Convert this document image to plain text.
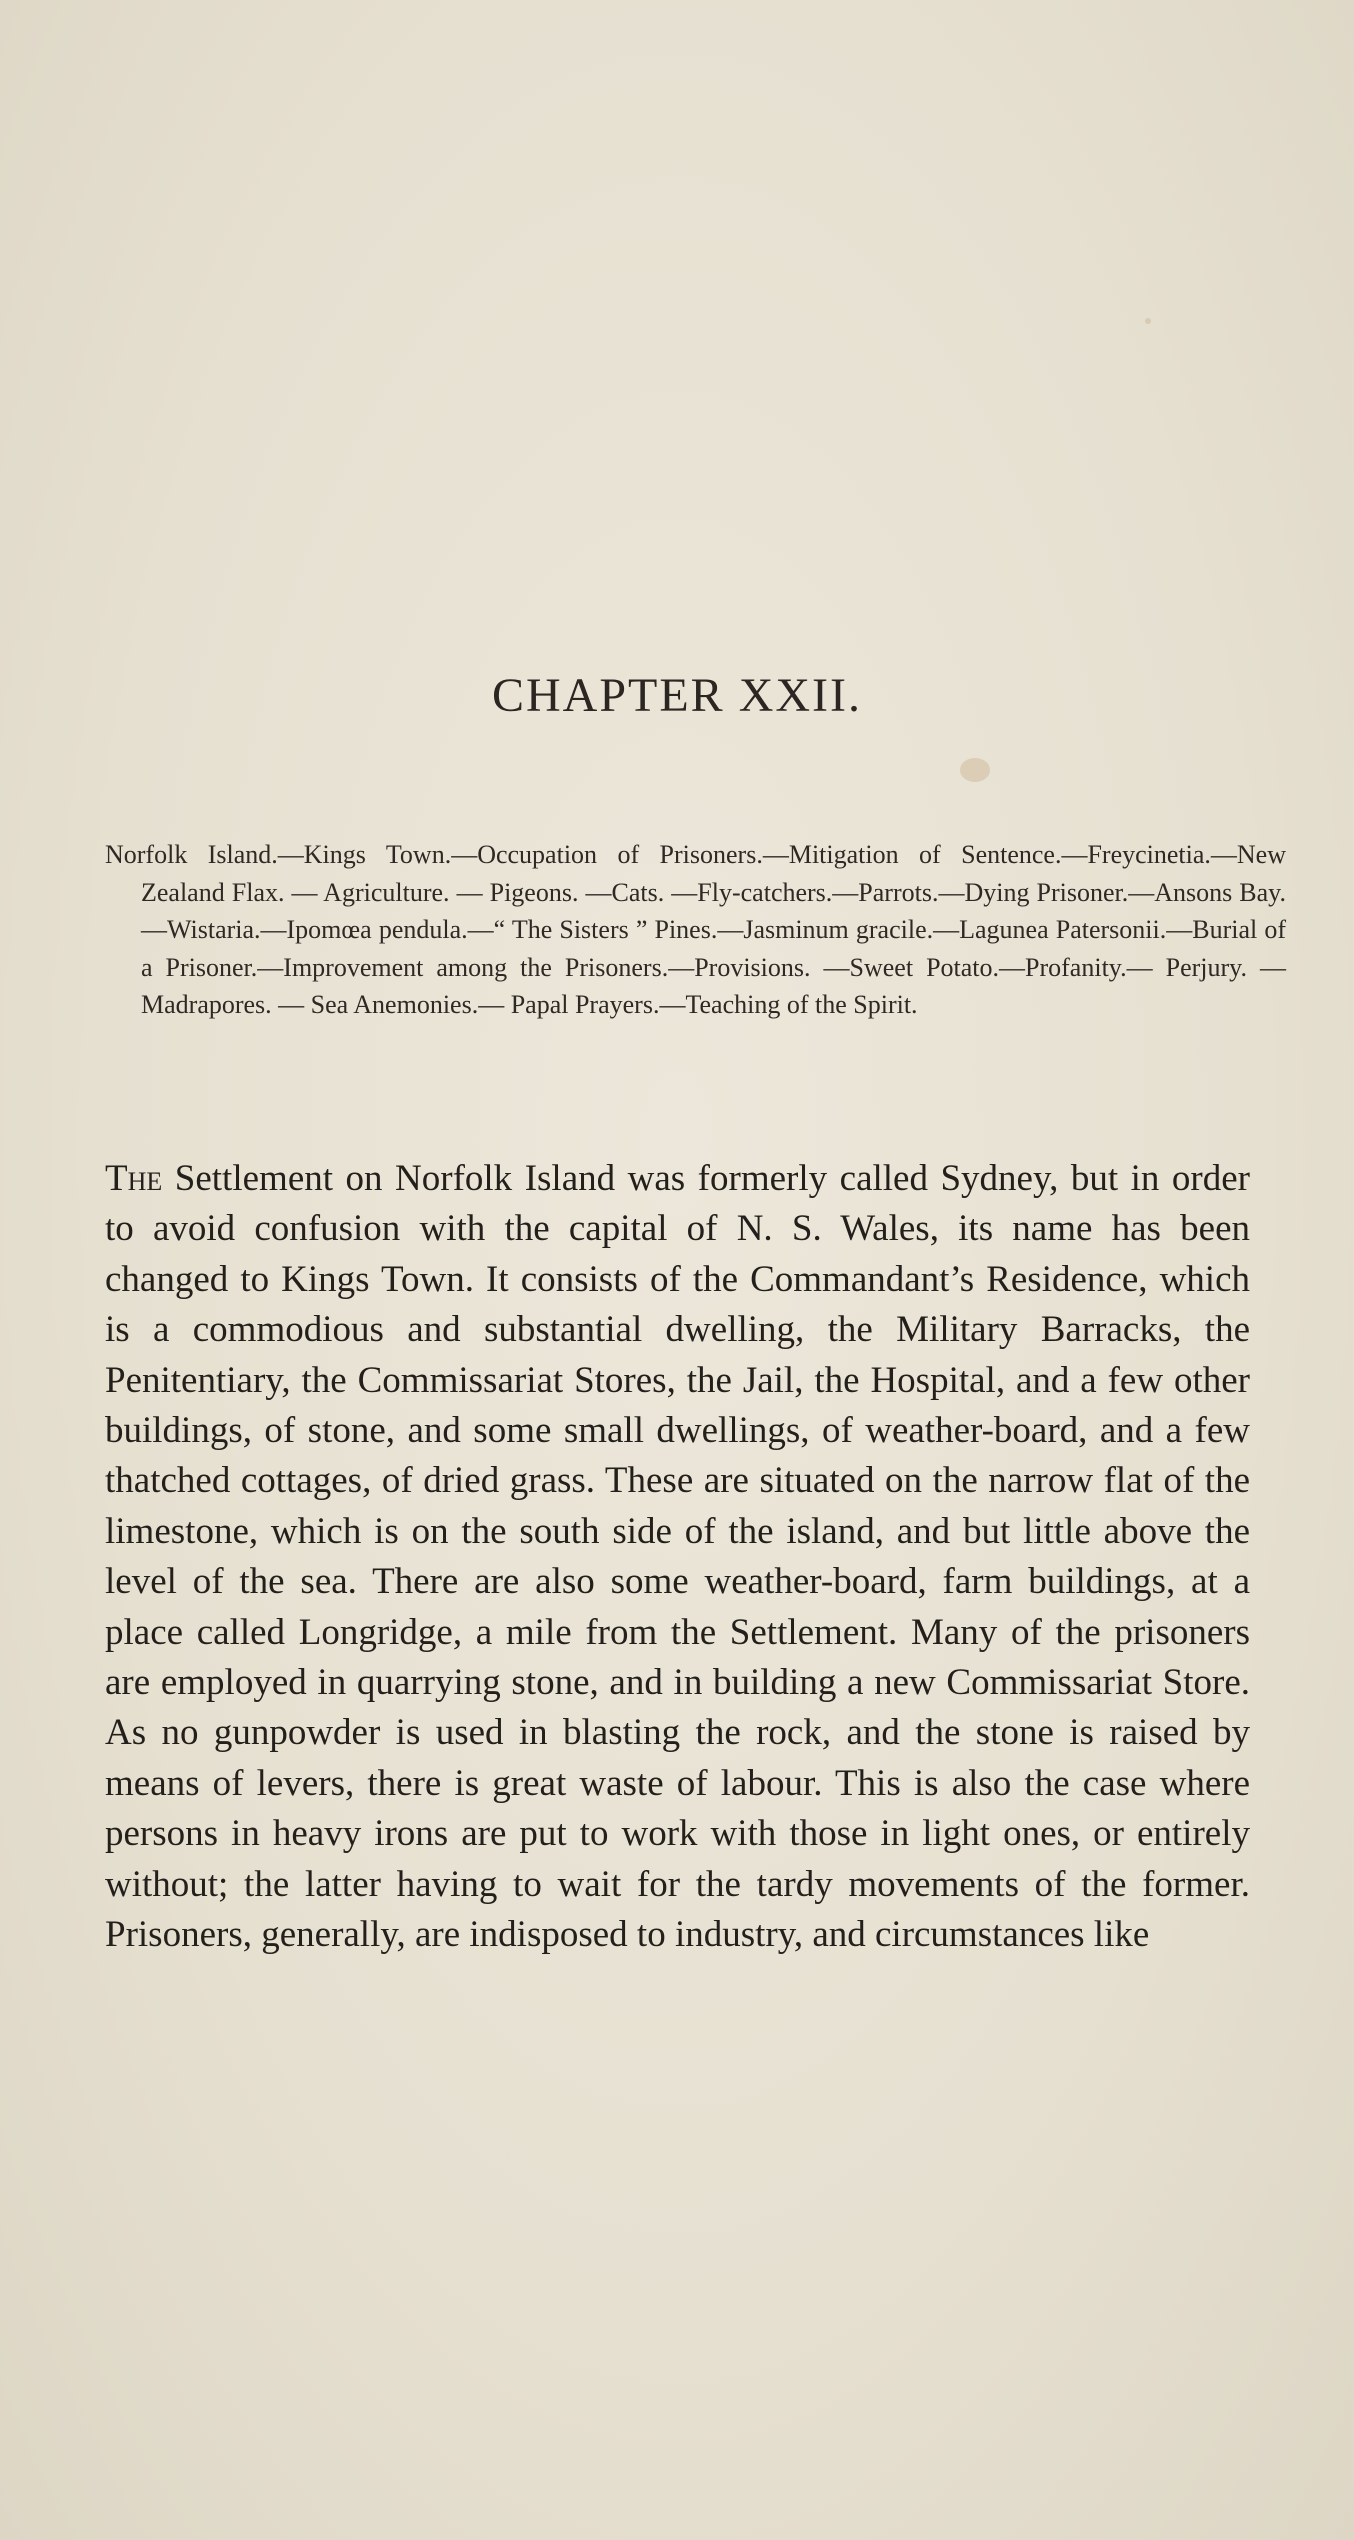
CHAPTER XXII.

Norfolk Island.—Kings Town.—Occupation of Prisoners.—Mitigation of Sentence.—Freycinetia.—New Zealand Flax. — Agriculture. — Pigeons. —Cats. —Fly-catchers.—Parrots.—Dying Prisoner.—Ansons Bay.—Wistaria.—Ipomœa pendula.—“ The Sisters ” Pines.—Jasminum gracile.—Lagunea Patersonii.—Burial of a Prisoner.—Improvement among the Prisoners.—Provisions. —Sweet Potato.—Profanity.— Perjury. — Madrapores. — Sea Anemonies.— Papal Prayers.—Teaching of the Spirit.

The Settlement on Norfolk Island was formerly called Sydney, but in order to avoid confusion with the capital of N. S. Wales, its name has been changed to Kings Town. It consists of the Commandant’s Residence, which is a commodious and substantial dwelling, the Military Barracks, the Penitentiary, the Commissariat Stores, the Jail, the Hospital, and a few other buildings, of stone, and some small dwellings, of weather-board, and a few thatched cottages, of dried grass. These are situated on the narrow flat of the limestone, which is on the south side of the island, and but little above the level of the sea. There are also some weather-board, farm buildings, at a place called Longridge, a mile from the Settlement. Many of the prisoners are employed in quarrying stone, and in building a new Commissariat Store. As no gunpowder is used in blasting the rock, and the stone is raised by means of levers, there is great waste of labour. This is also the case where persons in heavy irons are put to work with those in light ones, or entirely without; the latter having to wait for the tardy movements of the former. Prisoners, generally, are indisposed to industry, and circumstances like
